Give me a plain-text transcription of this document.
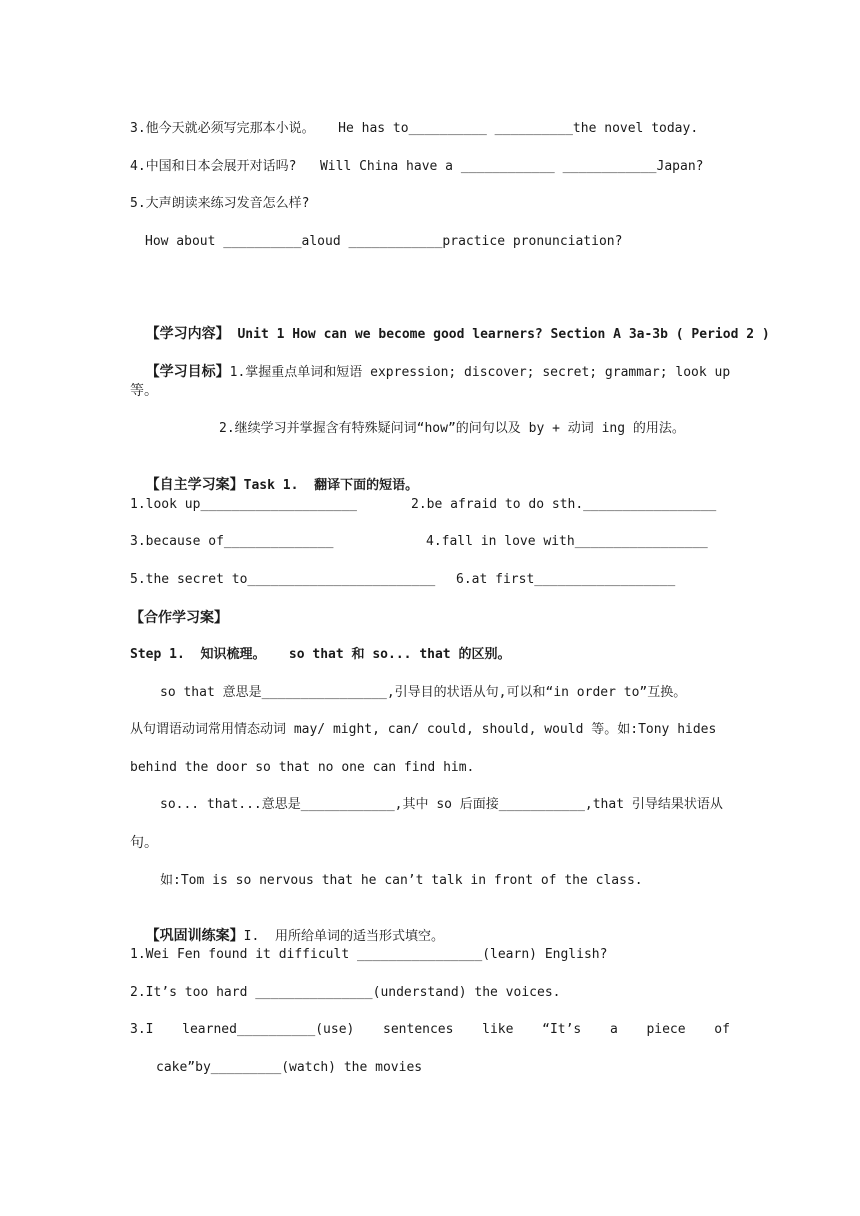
3.他今天就必须写完那本小说。   He has to__________ __________the novel today.
4.中国和日本会展开对话吗?   Will China have a ____________ ____________Japan?
5.大声朗读来练习发音怎么样?
How about __________aloud ____________practice pronunciation?

【学习内容】 Unit 1 How can we become good learners? Section A 3a-3b ( Period 2 )

【学习目标】1.掌握重点单词和短语 expression; discover; secret; grammar; look up

等。
2.继续学习并掌握含有特殊疑问词“how”的问句以及 by + 动词 ing 的用法。

【自主学习案】Task 1.  翻译下面的短语。

1.look up____________________	2.be afraid to do sth._________________
3.because of______________	4.fall in love with_________________
5.the secret to________________________ 6.at first__________________
【合作学习案】
Step 1.  知识梳理。   so that 和 so... that 的区别。
so that 意思是________________,引导目的状语从句,可以和“in order to”互换。
从句谓语动词常用情态动词 may/ might, can/ could, should, would 等。如:Tony hides
behind the door so that no one can find him.
so... that...意思是____________,其中 so 后面接___________,that 引导结果状语从
句。
如:Tom is so nervous that he can’t talk in front of the class.

【巩固训练案】I.  用所给单词的适当形式填空。

1.Wei Fen found it difficult ________________(learn) English?
2.It’s too hard _______________(understand) the voices.
3.I learned__________(use) sentences like “It’s a piece of
cake”by_________(watch) the movies
